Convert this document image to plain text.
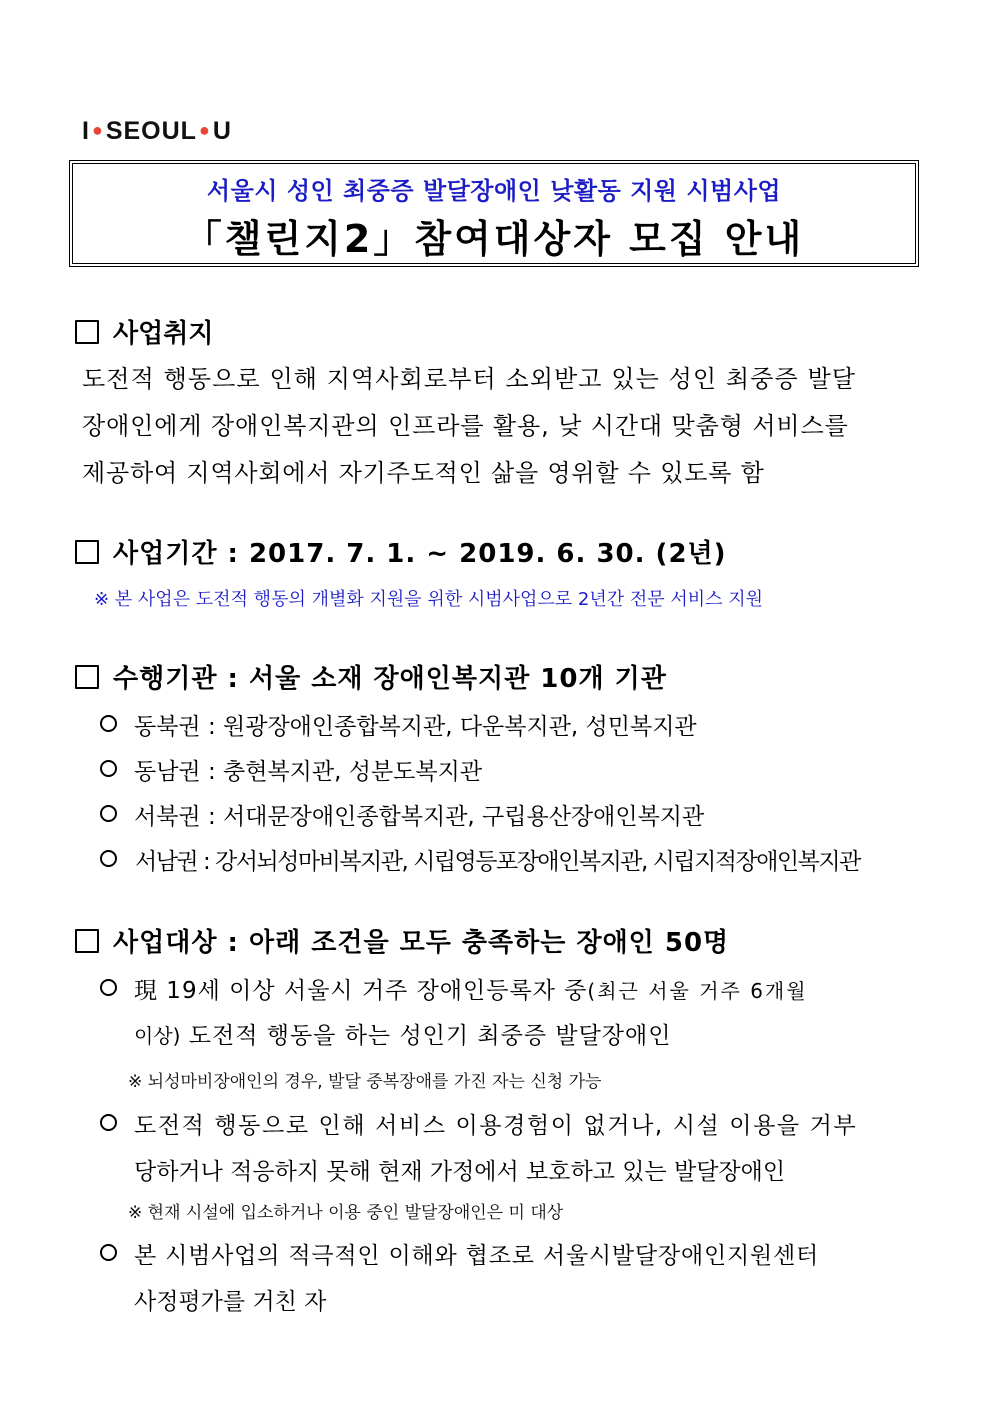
I ●SEOUL ●U
서울시 성인 최중증 발달장애인 낮활동 지원 시범사업
「챌린지2」참여대상자 모집 안내
사업취지
도전적 행동으로 인해 지역사회로부터 소외받고 있는 성인 최중증 발달
장애인에게 장애인복지관의 인프라를 활용, 낮 시간대 맞춤형 서비스를
제공하여 지역사회에서 자기주도적인 삶을 영위할 수 있도록 함
사업기간 : 2017. 7. 1. ~ 2019. 6. 30. (2년)
※ 본 사업은 도전적 행동의 개별화 지원을 위한 시범사업으로 2년간 전문 서비스 지원
수행기관 : 서울 소재 장애인복지관 10개 기관
동북권 : 원광장애인종합복지관, 다운복지관, 성민복지관
동남권 : 충현복지관, 성분도복지관
서북권 : 서대문장애인종합복지관, 구립용산장애인복지관
서남권 : 강서뇌성마비복지관, 시립영등포장애인복지관, 시립지적장애인복지관
사업대상 : 아래 조건을 모두 충족하는 장애인 50명
現 19세 이상 서울시 거주 장애인등록자 중(최근 서울 거주 6개월
이상) 도전적 행동을 하는 성인기 최중증 발달장애인
※ 뇌성마비장애인의 경우, 발달 중복장애를 가진 자는 신청 가능
도전적 행동으로 인해 서비스 이용경험이 없거나, 시설 이용을 거부
당하거나 적응하지 못해 현재 가정에서 보호하고 있는 발달장애인
※ 현재 시설에 입소하거나 이용 중인 발달장애인은 미 대상
본 시범사업의 적극적인 이해와 협조로 서울시발달장애인지원센터
사정평가를 거친 자
